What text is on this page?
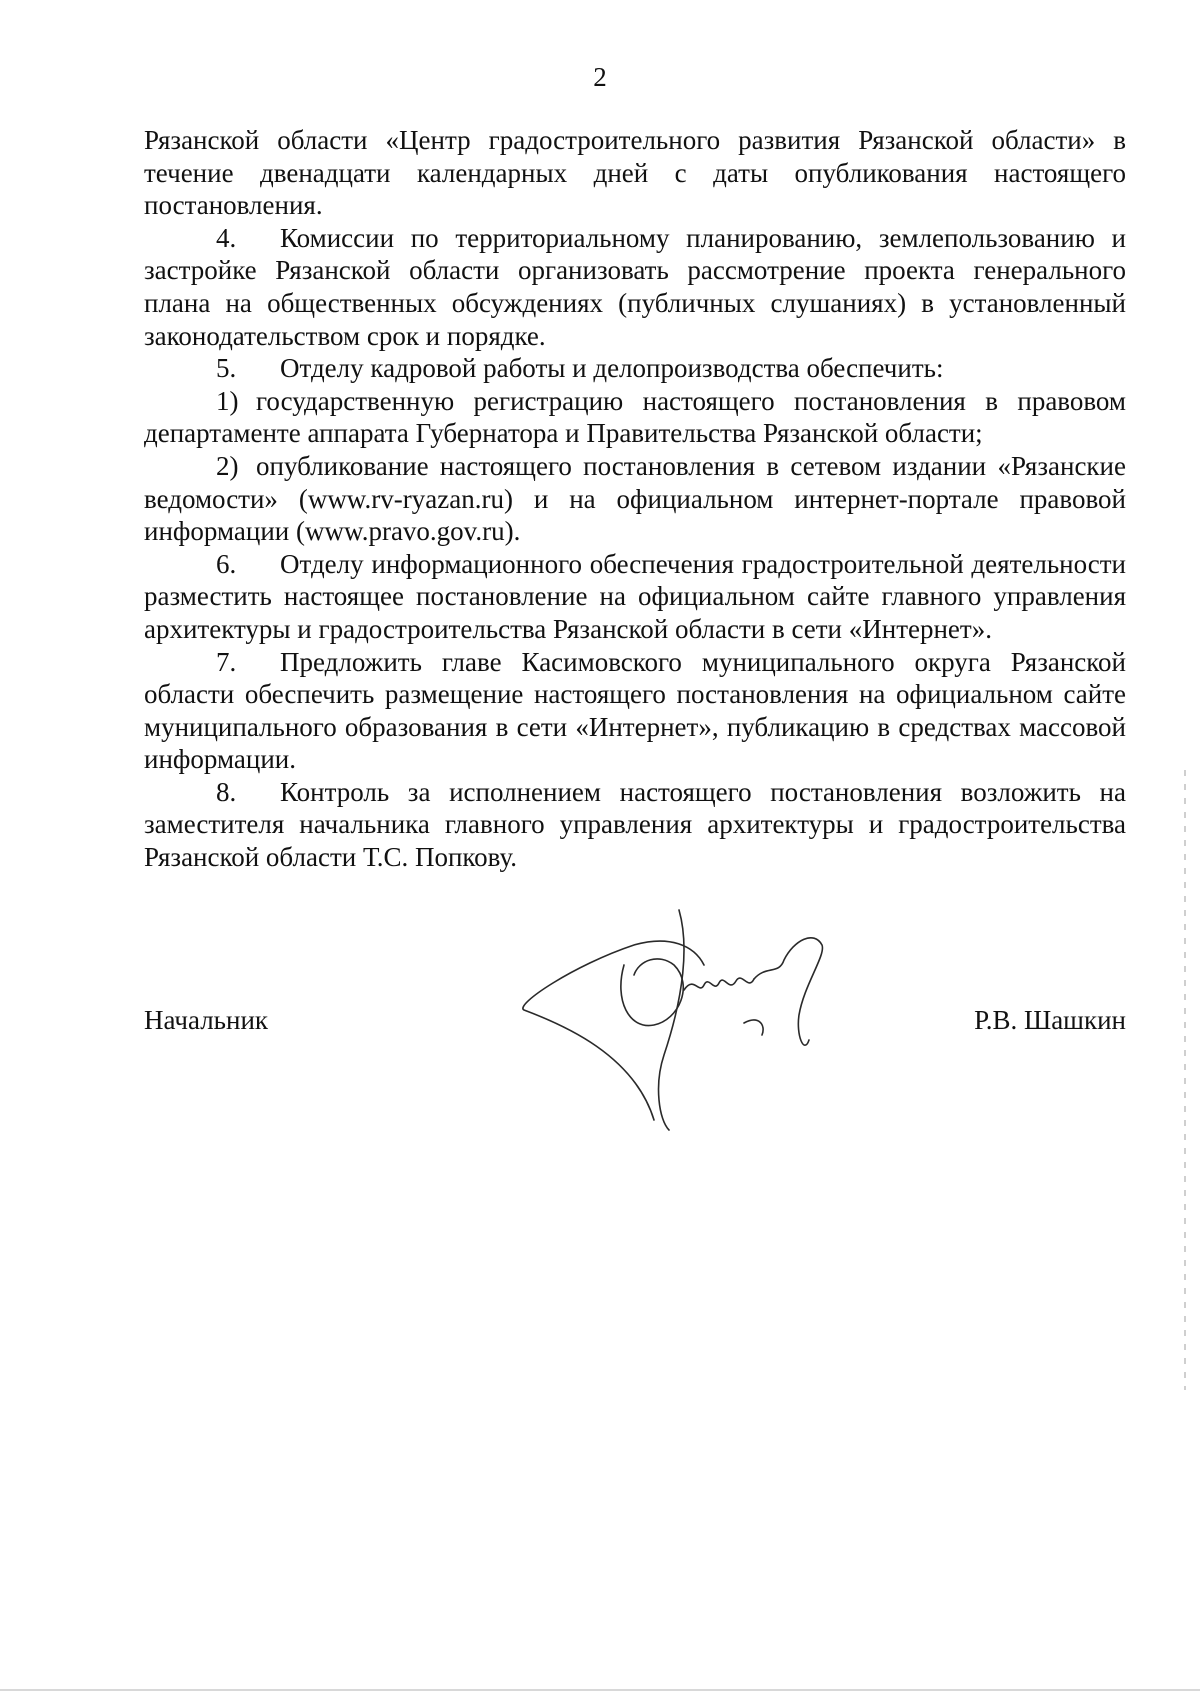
2

Рязанской области «Центр градостроительного развития Рязанской области» в течение двенадцати календарных дней с даты опубликования настоящего постановления.

4. Комиссии по территориальному планированию, землепользованию и застройке Рязанской области организовать рассмотрение проекта генерального плана на общественных обсуждениях (публичных слушаниях) в установленный законодательством срок и порядке.

5. Отделу кадровой работы и делопроизводства обеспечить:

1) государственную регистрацию настоящего постановления в правовом департаменте аппарата Губернатора и Правительства Рязанской области;

2) опубликование настоящего постановления в сетевом издании «Рязанские ведомости» (www.rv-ryazan.ru) и на официальном интернет-портале правовой информации (www.pravo.gov.ru).

6. Отделу информационного обеспечения градостроительной деятельности разместить настоящее постановление на официальном сайте главного управления архитектуры и градостроительства Рязанской области в сети «Интернет».

7. Предложить главе Касимовского муниципального округа Рязанской области обеспечить размещение настоящего постановления на официальном сайте муниципального образования в сети «Интернет», публикацию в средствах массовой информации.

8. Контроль за исполнением настоящего постановления возложить на заместителя начальника главного управления архитектуры и градостроительства Рязанской области Т.С. Попкову.

Начальник	Р.В. Шашкин
